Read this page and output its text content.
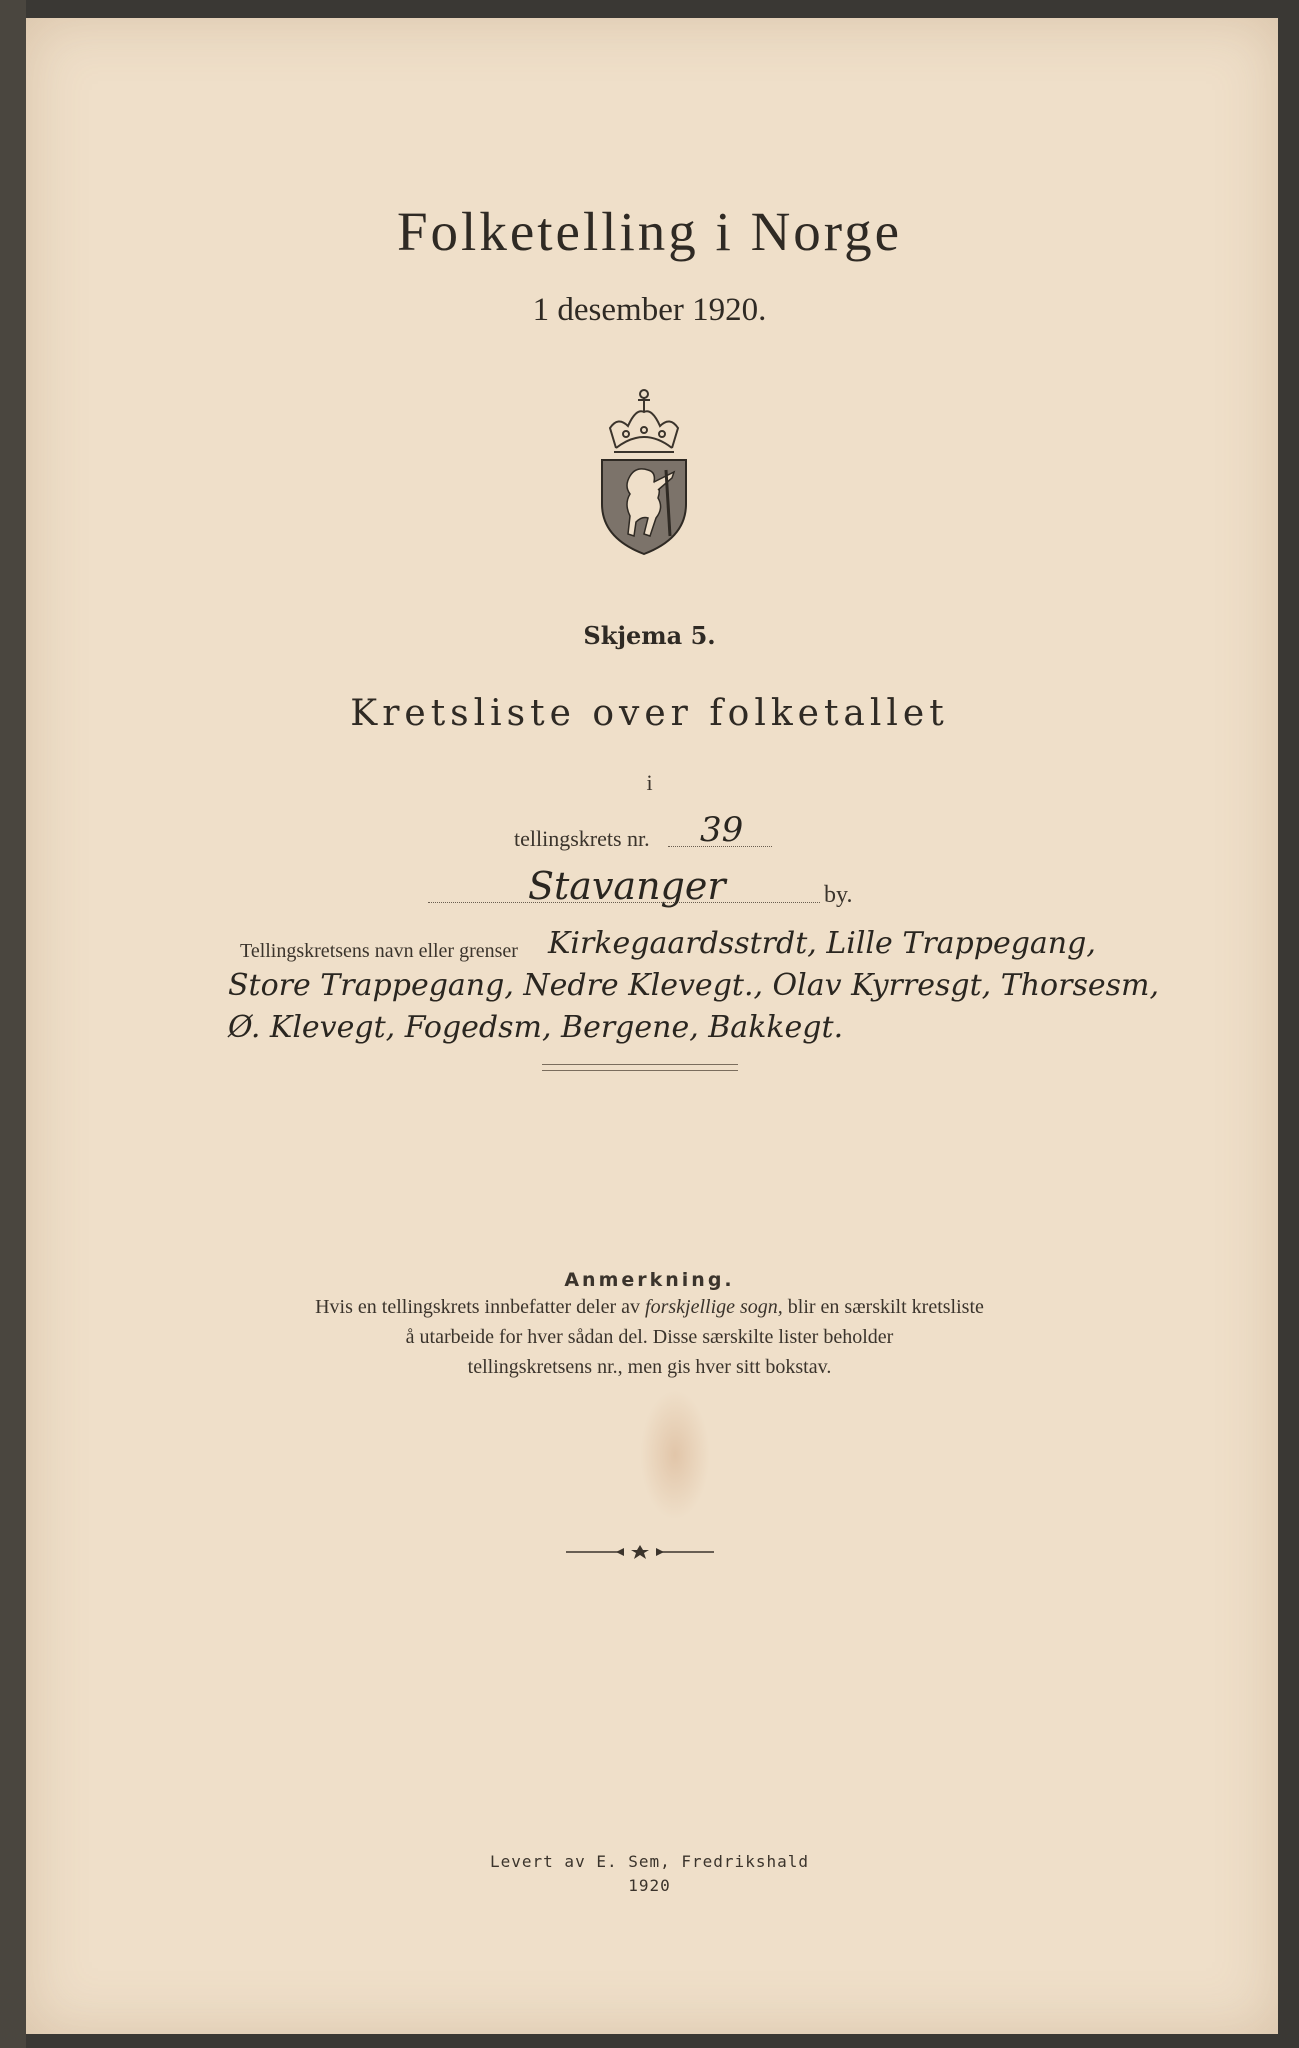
Folketelling i Norge
1 desember 1920.
Skjema 5.
Kretsliste over folketallet
i
tellingskrets nr. 39
Stavanger	by.
Tellingskretsens navn eller grenser Kirkegaardsstrdt, Lille Trappegang,
Store Trappegang, Nedre Klevegt., Olav Kyrresgt, Thorsesm,
Ø. Klevegt, Fogedsm, Bergene, Bakkegt.
Anmerkning.
Hvis en tellingskrets innbefatter deler av forskjellige sogn, blir en særskilt kretsliste
å utarbeide for hver sådan del. Disse særskilte lister beholder
tellingskretsens nr., men gis hver sitt bokstav.
Levert av E. Sem, Fredrikshald
1920
